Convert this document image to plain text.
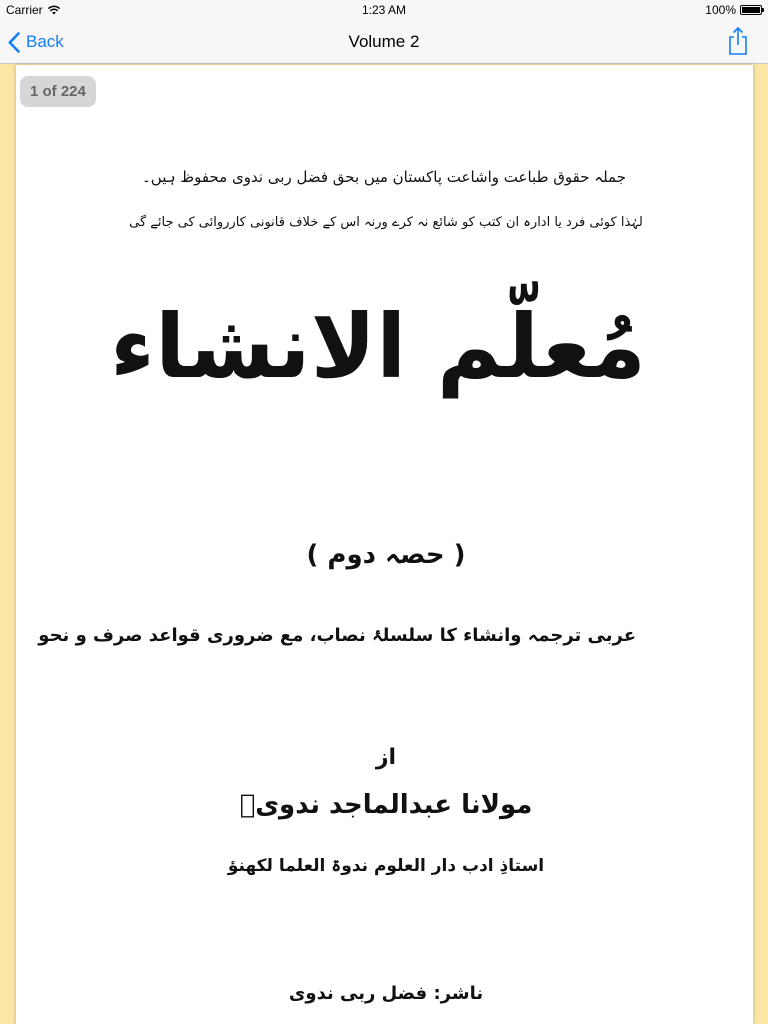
Carrier	1:23 AM	100%
Back	Volume 2
جملہ حقوق طباعت واشاعت پاکستان میں بحق فضل ربی ندوی محفوظ ہیں۔
لہٰذا کوئی فرد یا ادارہ ان کتب کو شائع نہ کرے ورنہ اس کے خلاف قانونی کارروائی کی جائے گی
مُعلّم الانشاء
( حصہ دوم )
عربی ترجمہ وانشاء کا سلسلۂ نصاب، مع ضروری قواعد صرف و نحو
از
مولانا عبدالماجد ندویؒ
استاذِ ادب دار العلوم ندوۃ العلما لکھنؤ
ناشر: فضل ربی ندوی
1 of 224
